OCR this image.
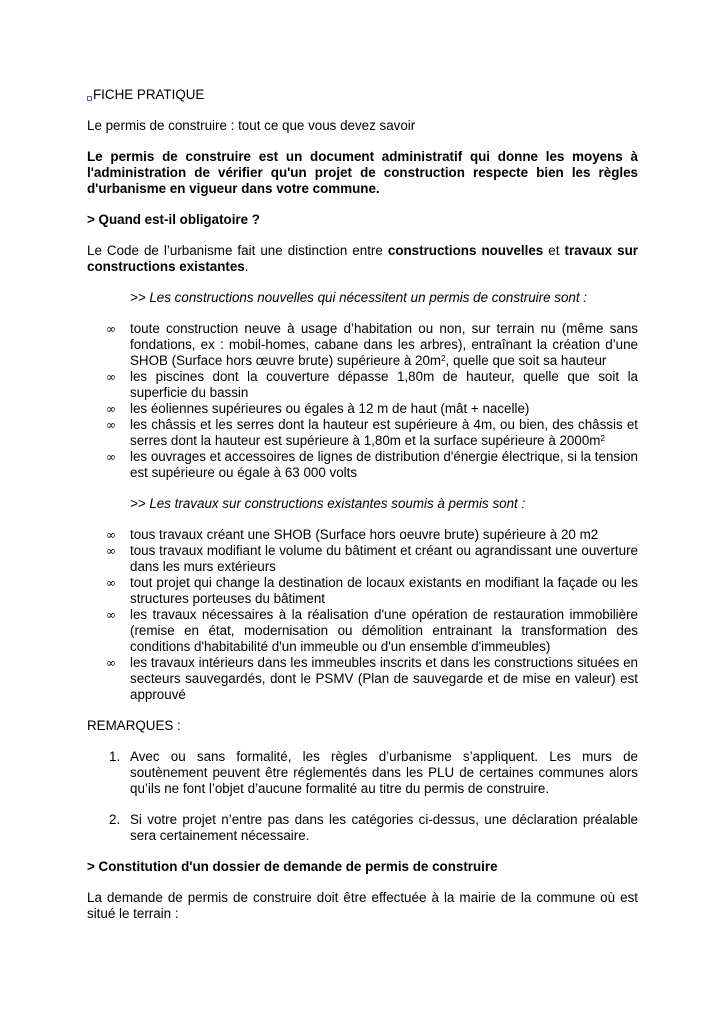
FICHE PRATIQUE

Le permis de construire : tout ce que vous devez savoir

Le permis de construire est un document administratif qui donne les moyens à l'administration de vérifier qu'un projet de construction respecte bien les règles d'urbanisme en vigueur dans votre commune.

> Quand est-il obligatoire ?

Le Code de l’urbanisme fait une distinction entre constructions nouvelles et travaux sur constructions existantes.

>> Les constructions nouvelles qui nécessitent un permis de construire sont :

∞	toute construction neuve à usage d’habitation ou non, sur terrain nu (même sans fondations, ex : mobil-homes, cabane dans les arbres), entraînant la création d’une SHOB (Surface hors œuvre brute) supérieure à $20m^2$, quelle que soit sa hauteur
∞	les piscines dont la couverture dépasse 1,80m de hauteur, quelle que soit la superficie du bassin
∞	les éoliennes supérieures ou égales à 12 m de haut (mât + nacelle)
∞	les châssis et les serres dont la hauteur est supérieure à 4m, ou bien, des châssis et serres dont la hauteur est supérieure à 1,80m et la surface supérieure à $2000m^2$
∞	les ouvrages et accessoires de lignes de distribution d'énergie électrique, si la tension est supérieure ou égale à 63 000 volts

>> Les travaux sur constructions existantes soumis à permis sont :

∞	tous travaux créant une SHOB (Surface hors oeuvre brute) supérieure à 20 m2
∞	tous travaux modifiant le volume du bâtiment et créant ou agrandissant une ouverture dans les murs extérieurs
∞	tout projet qui change la destination de locaux existants en modifiant la façade ou les structures porteuses du bâtiment
∞	les travaux nécessaires à la réalisation d'une opération de restauration immobilière (remise en état, modernisation ou démolition entrainant la transformation des conditions d'habitabilité d'un immeuble ou d'un ensemble d'immeubles)
∞	les travaux intérieurs dans les immeubles inscrits et dans les constructions situées en secteurs sauvegardés, dont le PSMV (Plan de sauvegarde et de mise en valeur) est approuvé

REMARQUES :

1. Avec ou sans formalité, les règles d’urbanisme s’appliquent. Les murs de soutènement peuvent être réglementés dans les PLU de certaines communes alors qu’ils ne font l’objet d’aucune formalité au titre du permis de construire.
2. Si votre projet n’entre pas dans les catégories ci-dessus, une déclaration préalable sera certainement nécessaire.

> Constitution d'un dossier de demande de permis de construire

La demande de permis de construire doit être effectuée à la mairie de la commune où est situé le terrain :
